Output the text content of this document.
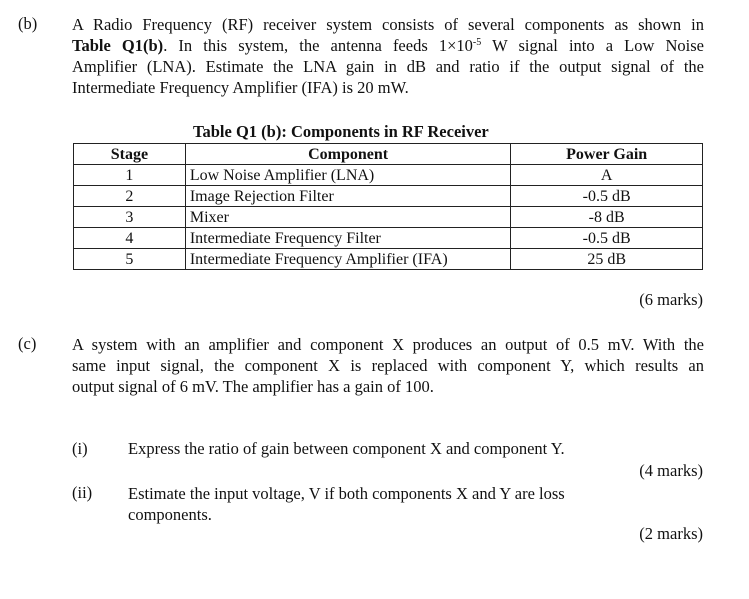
(b) A Radio Frequency (RF) receiver system consists of several components as shown in
Table Q1(b). In this system, the antenna feeds $1\times 10^{-5}$ W signal into a Low Noise
Amplifier (LNA). Estimate the LNA gain in dB and ratio if the output signal of the
Intermediate Frequency Amplifier (IFA) is 20 mW.
Table Q1 (b): Components in RF Receiver
Stage	Component	Power Gain
1	Low Noise Amplifier (LNA)	A
2	Image Rejection Filter	-0.5 dB
3	Mixer	-8 dB
4	Intermediate Frequency Filter	-0.5 dB
5	Intermediate Frequency Amplifier (IFA)	25 dB
(6 marks)
(c) A system with an amplifier and component X produces an output of 0.5 mV. With the
same input signal, the component X is replaced with component Y, which results an
output signal of 6 mV. The amplifier has a gain of 100.
(i) Express the ratio of gain between component X and component Y.
(4 marks)
(ii) Estimate the input voltage, V if both components X and Y are loss
components.
(2 marks)
